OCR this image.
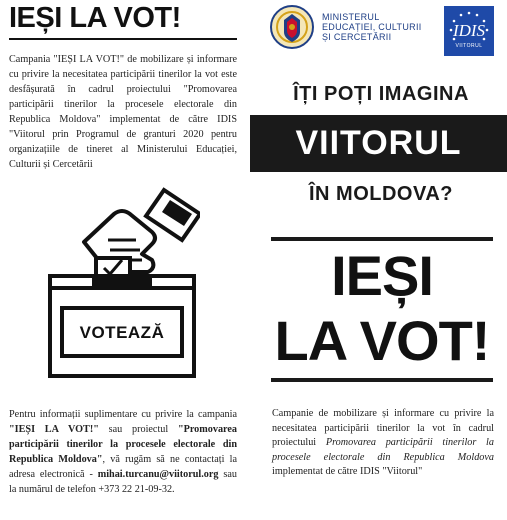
IEȘI LA VOT!
Campania "IEȘI LA VOT!" de mobilizare și informare cu privire la necesitatea participării tinerilor la vot este desfășurată în cadrul proiectului "Promovarea participării tinerilor la procesele electorale din Republica Moldova" implementat de către IDIS "Viitorul prin Programul de granturi 2020 pentru organizațiile de tineret al Ministerului Educației, Culturii și Cercetării
VOTEAZĂ
Pentru informații suplimentare cu privire la campania "IEȘI LA VOT!" sau proiectul "Promovarea participării tinerilor la procesele electorale din Republica Moldova", vă rugăm să ne contactați la adresa electronică - mihai.turcanu@viitorul.org sau la numărul de telefon +373 22 21-09-32.
MINISTERUL
EDUCAȚIEI, CULTURII
ȘI CERCETĂRII	IDIS
VIITORUL
ÎȚI POȚI IMAGINA
VIITORUL
ÎN MOLDOVA?
IEȘI
LA VOT!
Campanie de mobilizare și informare cu privire la necesitatea participării tinerilor la vot în cadrul proiectului Promovarea participării tinerilor la procesele electorale din Republica Moldova implementat de către IDIS "Viitorul"
